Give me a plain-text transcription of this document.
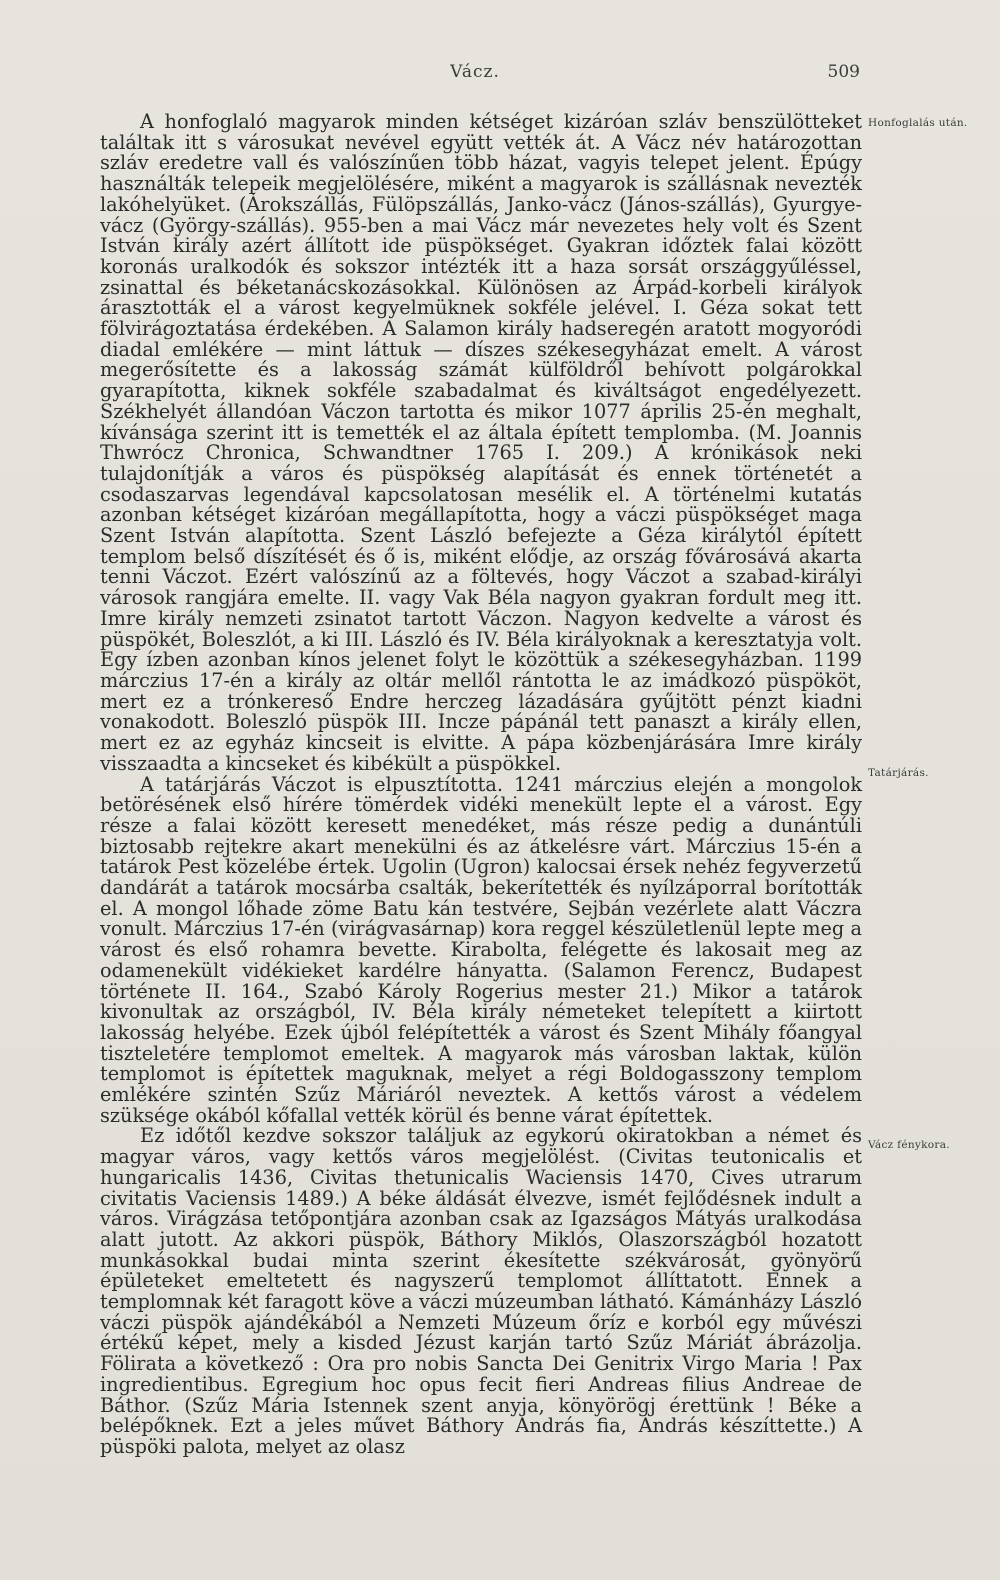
Vácz.	509

A honfoglaló magyarok minden kétséget kizáróan szláv benszülötteket találtak itt s városukat nevével együtt vették át. A Vácz név határozottan szláv eredetre vall és valószínűen több házat, vagyis telepet jelent. Épúgy használták telepeik megjelölésére, miként a magyarok is szállásnak nevezték lakóhelyüket. (Árokszállás, Fülöpszállás, Janko-vácz (János-szállás), Gyurgye-vácz (György-szállás). 955-ben a mai Vácz már nevezetes hely volt és Szent István király azért állított ide püspökséget. Gyakran időztek falai között koronás uralkodók és sokszor intézték itt a haza sorsát országgyűléssel, zsinattal és béketanácskozásokkal. Különösen az Árpád-korbeli királyok árasztották el a várost kegyelmüknek sokféle jelével. I. Géza sokat tett fölvirágoztatása érdekében. A Salamon király hadseregén aratott mogyoródi diadal emlékére — mint láttuk — díszes székesegyházat emelt. A várost megerősítette és a lakosság számát külföldről behívott polgárokkal gyarapította, kiknek sokféle szabadalmat és kiváltságot engedélyezett. Székhelyét állandóan Váczon tartotta és mikor 1077 április 25-én meghalt, kívánsága szerint itt is temették el az általa épített templomba. (M. Joannis Thwrócz Chronica, Schwandtner 1765 I. 209.) A krónikások neki tulajdonítják a város és püspökség alapítását és ennek történetét a csodaszarvas legendával kapcsolatosan mesélik el. A történelmi kutatás azonban kétséget kizáróan megállapította, hogy a váczi püspökséget maga Szent István alapította. Szent László befejezte a Géza királytól épített templom belső díszítését és ő is, miként elődje, az ország fővárosává akarta tenni Váczot. Ezért valószínű az a föltevés, hogy Váczot a szabad-királyi városok rangjára emelte. II. vagy Vak Béla nagyon gyakran fordult meg itt. Imre király nemzeti zsinatot tartott Váczon. Nagyon kedvelte a várost és püspökét, Boleszlót, a ki III. László és IV. Béla királyoknak a keresztatyja volt. Egy ízben azonban kínos jelenet folyt le közöttük a székesegyházban. 1199 márczius 17-én a király az oltár mellől rántotta le az imádkozó püspököt, mert ez a trónkereső Endre herczeg lázadására gyűjtött pénzt kiadni vonakodott. Boleszló püspök III. Incze pápánál tett panaszt a király ellen, mert ez az egyház kincseit is elvitte. A pápa közbenjárására Imre király visszaadta a kincseket és kibékült a püspökkel.

A tatárjárás Váczot is elpusztította. 1241 márczius elején a mongolok betörésének első hírére tömérdek vidéki menekült lepte el a várost. Egy része a falai között keresett menedéket, más része pedig a dunántúli biztosabb rejtekre akart menekülni és az átkelésre várt. Márczius 15-én a tatárok Pest közelébe értek. Ugolin (Ugron) kalocsai érsek nehéz fegyverzetű dandárát a tatárok mocsárba csalták, bekerítették és nyílzáporral borították el. A mongol lőhade zöme Batu kán testvére, Sejbán vezérlete alatt Váczra vonult. Márczius 17-én (virágvasárnap) kora reggel készületlenül lepte meg a várost és első rohamra bevette. Kirabolta, felégette és lakosait meg az odamenekült vidékieket kardélre hányatta. (Salamon Ferencz, Budapest története II. 164., Szabó Károly Rogerius mester 21.) Mikor a tatárok kivonultak az országból, IV. Béla király németeket telepített a kiirtott lakosság helyébe. Ezek újból felépítették a várost és Szent Mihály főangyal tiszteletére templomot emeltek. A magyarok más városban laktak, külön templomot is építettek maguknak, melyet a régi Boldogasszony templom emlékére szintén Szűz Máriáról neveztek. A kettős várost a védelem szüksége okából kőfallal vették körül és benne várat építettek.

Ez időtől kezdve sokszor találjuk az egykorú okiratokban a német és magyar város, vagy kettős város megjelölést. (Civitas teutonicalis et hungaricalis 1436, Civitas thetunicalis Waciensis 1470, Cives utrarum civitatis Vaciensis 1489.) A béke áldását élvezve, ismét fejlődésnek indult a város. Virágzása tetőpontjára azonban csak az Igazságos Mátyás uralkodása alatt jutott. Az akkori püspök, Báthory Miklós, Olaszországból hozatott munkásokkal budai minta szerint ékesítette székvárosát, gyönyörű épületeket emeltetett és nagyszerű templomot állíttatott. Ennek a templomnak két faragott köve a váczi múzeumban látható. Kámánházy László váczi püspök ajándékából a Nemzeti Múzeum őríz e korból egy művészi értékű képet, mely a kisded Jézust karján tartó Szűz Máriát ábrázolja. Fölirata a következő : Ora pro nobis Sancta Dei Genitrix Virgo Maria ! Pax ingredientibus. Egregium hoc opus fecit fieri Andreas filius Andreae de Báthor. (Szűz Mária Istennek szent anyja, könyörögj érettünk ! Béke a belépőknek. Ezt a jeles művet Báthory András fia, András készíttette.) A püspöki palota, melyet az olasz

Honfoglalás után.
Tatárjárás.
Vácz fénykora.
